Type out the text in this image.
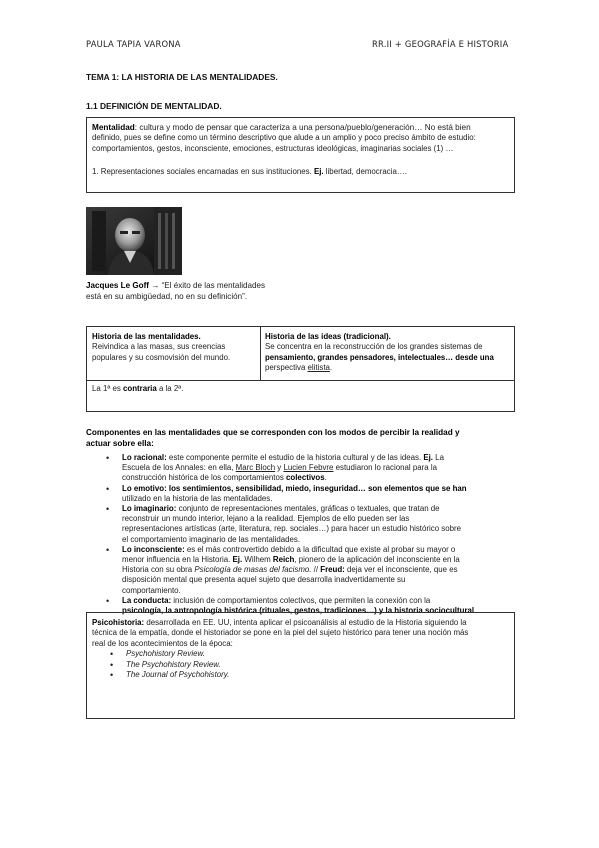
PAULA TAPIA VARONA	RR.II + GEOGRAFÍA E HISTORIA
TEMA 1: LA HISTORIA DE LAS MENTALIDADES.
1.1 DEFINICIÓN DE MENTALIDAD.
Mentalidad: cultura y modo de pensar que caracteriza a una persona/pueblo/generación… No está bien
definido, pues se define como un término descriptivo que alude a un amplio y poco preciso ámbito de estudio:
comportamientos, gestos, inconsciente, emociones, estructuras ideológicas, imaginarias sociales (1) …
1. Representaciones sociales encarnadas en sus instituciones. Ej. libertad, democracia….
Jacques Le Goff → “El éxito de las mentalidades
está en su ambigüedad, no en su definición”.
Historia de las mentalidades.
Reivindica a las masas, sus creencias
populares y su cosmovisión del mundo.
Historia de las ideas (tradicional).
Se concentra en la reconstrucción de los grandes sistemas de
pensamiento, grandes pensadores, intelectuales… desde una
perspectiva elitista.
La 1ª es contraria a la 2ª.
Componentes en las mentalidades que se corresponden con los modos de percibir la realidad y
actuar sobre ella:
• Lo racional: este componente permite el estudio de la historia cultural y de las ideas. Ej. La
Escuela de los Annales: en ella, Marc Bloch y Lucien Febvre estudiaron lo racional para la
construcción histórica de los comportamientos colectivos.
• Lo emotivo: los sentimientos, sensibilidad, miedo, inseguridad… son elementos que se han
utilizado en la historia de las mentalidades.
• Lo imaginario: conjunto de representaciones mentales, gráficas o textuales, que tratan de
reconstruir un mundo interior, lejano a la realidad. Ejemplos de ello pueden ser las
representaciones artísticas (arte, literatura, rep. sociales…) para hacer un estudio histórico sobre
el comportamiento imaginario de las mentalidades.
• Lo inconsciente: es el más controvertido debido a la dificultad que existe al probar su mayor o
menor influencia en la Historia. Ej. Wilhem Reich, pionero de la aplicación del inconsciente en la
Historia con su obra Psicología de masas del facismo. // Freud: deja ver el inconsciente, que es
disposición mental que presenta aquel sujeto que desarrolla inadvertidamente su
comportamiento.
• La conducta: inclusión de comportamientos colectivos, que permiten la conexión con la
psicología, la antropología histórica (rituales, gestos, tradiciones…) y la historia sociocultural.
Psicohistoria: desarrollada en EE. UU, intenta aplicar el psicoanálisis al estudio de la Historia siguiendo la
técnica de la empatía, donde el historiador se pone en la piel del sujeto histórico para tener una noción más
real de los acontecimientos de la época:
• Psychohistory Review.
• The Psychohistory Review.
• The Journal of Psychohistory.
